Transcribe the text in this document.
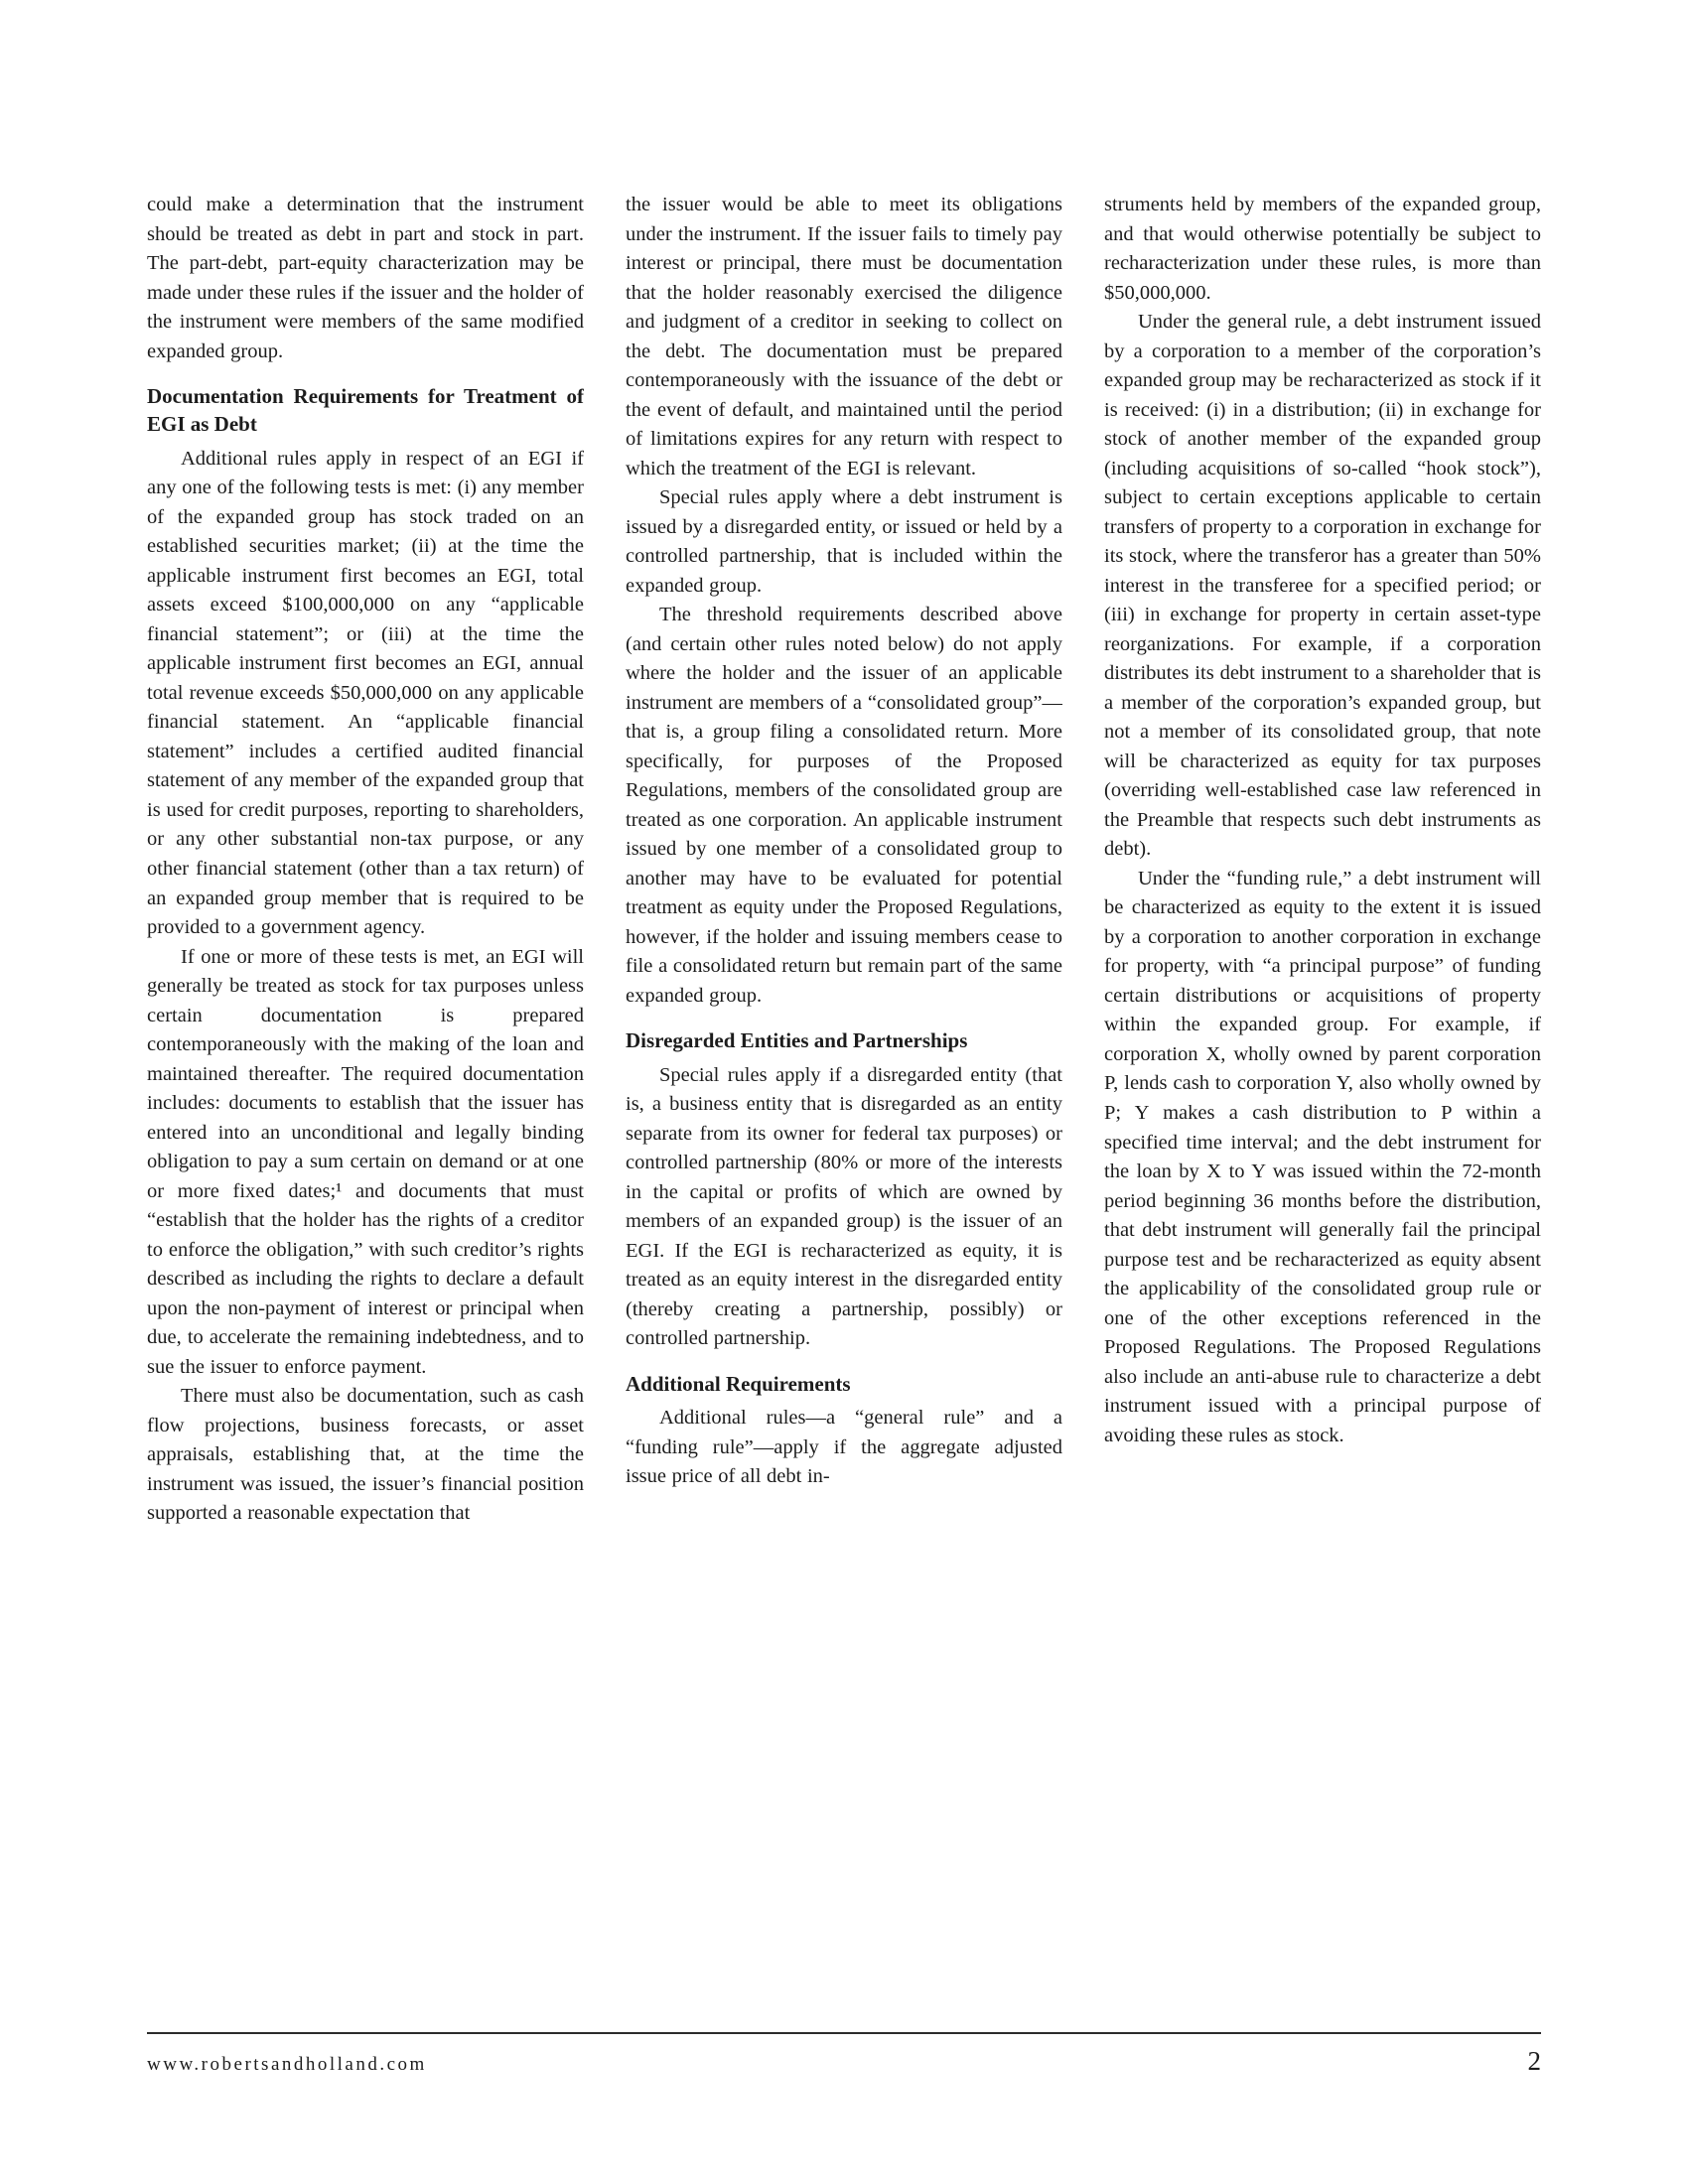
could make a determination that the instrument should be treated as debt in part and stock in part. The part-debt, part-equity characterization may be made under these rules if the issuer and the holder of the instrument were members of the same modified expanded group.

Documentation Requirements for Treatment of EGI as Debt

Additional rules apply in respect of an EGI if any one of the following tests is met: (i) any member of the expanded group has stock traded on an established securities market; (ii) at the time the applicable instrument first becomes an EGI, total assets exceed $100,000,000 on any “applicable financial statement”; or (iii) at the time the applicable instrument first becomes an EGI, annual total revenue exceeds $50,000,000 on any applicable financial statement. An “applicable financial statement” includes a certified audited financial statement of any member of the expanded group that is used for credit purposes, reporting to shareholders, or any other substantial non-tax purpose, or any other financial statement (other than a tax return) of an expanded group member that is required to be provided to a government agency.

If one or more of these tests is met, an EGI will generally be treated as stock for tax purposes unless certain documentation is prepared contemporaneously with the making of the loan and maintained thereafter. The required documentation includes: documents to establish that the issuer has entered into an unconditional and legally binding obligation to pay a sum certain on demand or at one or more fixed dates;¹ and documents that must “establish that the holder has the rights of a creditor to enforce the obligation,” with such creditor’s rights described as including the rights to declare a default upon the non-payment of interest or principal when due, to accelerate the remaining indebtedness, and to sue the issuer to enforce payment.

There must also be documentation, such as cash flow projections, business forecasts, or asset appraisals, establishing that, at the time the instrument was issued, the issuer’s financial position supported a reasonable expectation that

the issuer would be able to meet its obligations under the instrument. If the issuer fails to timely pay interest or principal, there must be documentation that the holder reasonably exercised the diligence and judgment of a creditor in seeking to collect on the debt. The documentation must be prepared contemporaneously with the issuance of the debt or the event of default, and maintained until the period of limitations expires for any return with respect to which the treatment of the EGI is relevant.

Special rules apply where a debt instrument is issued by a disregarded entity, or issued or held by a controlled partnership, that is included within the expanded group.

The threshold requirements described above (and certain other rules noted below) do not apply where the holder and the issuer of an applicable instrument are members of a “consolidated group”—that is, a group filing a consolidated return. More specifically, for purposes of the Proposed Regulations, members of the consolidated group are treated as one corporation. An applicable instrument issued by one member of a consolidated group to another may have to be evaluated for potential treatment as equity under the Proposed Regulations, however, if the holder and issuing members cease to file a consolidated return but remain part of the same expanded group.

Disregarded Entities and Partnerships

Special rules apply if a disregarded entity (that is, a business entity that is disregarded as an entity separate from its owner for federal tax purposes) or controlled partnership (80% or more of the interests in the capital or profits of which are owned by members of an expanded group) is the issuer of an EGI. If the EGI is recharacterized as equity, it is treated as an equity interest in the disregarded entity (thereby creating a partnership, possibly) or controlled partnership.

Additional Requirements

Additional rules—a “general rule” and a “funding rule”—apply if the aggregate adjusted issue price of all debt in-

struments held by members of the expanded group, and that would otherwise potentially be subject to recharacterization under these rules, is more than $50,000,000.

Under the general rule, a debt instrument issued by a corporation to a member of the corporation’s expanded group may be recharacterized as stock if it is received: (i) in a distribution; (ii) in exchange for stock of another member of the expanded group (including acquisitions of so-called “hook stock”), subject to certain exceptions applicable to certain transfers of property to a corporation in exchange for its stock, where the transferor has a greater than 50% interest in the transferee for a specified period; or (iii) in exchange for property in certain asset-type reorganizations. For example, if a corporation distributes its debt instrument to a shareholder that is a member of the corporation’s expanded group, but not a member of its consolidated group, that note will be characterized as equity for tax purposes (overriding well-established case law referenced in the Preamble that respects such debt instruments as debt).

Under the “funding rule,” a debt instrument will be characterized as equity to the extent it is issued by a corporation to another corporation in exchange for property, with “a principal purpose” of funding certain distributions or acquisitions of property within the expanded group. For example, if corporation X, wholly owned by parent corporation P, lends cash to corporation Y, also wholly owned by P; Y makes a cash distribution to P within a specified time interval; and the debt instrument for the loan by X to Y was issued within the 72-month period beginning 36 months before the distribution, that debt instrument will generally fail the principal purpose test and be recharacterized as equity absent the applicability of the consolidated group rule or one of the other exceptions referenced in the Proposed Regulations. The Proposed Regulations also include an anti-abuse rule to characterize a debt instrument issued with a principal purpose of avoiding these rules as stock.

www.robertsandholland.com	2
